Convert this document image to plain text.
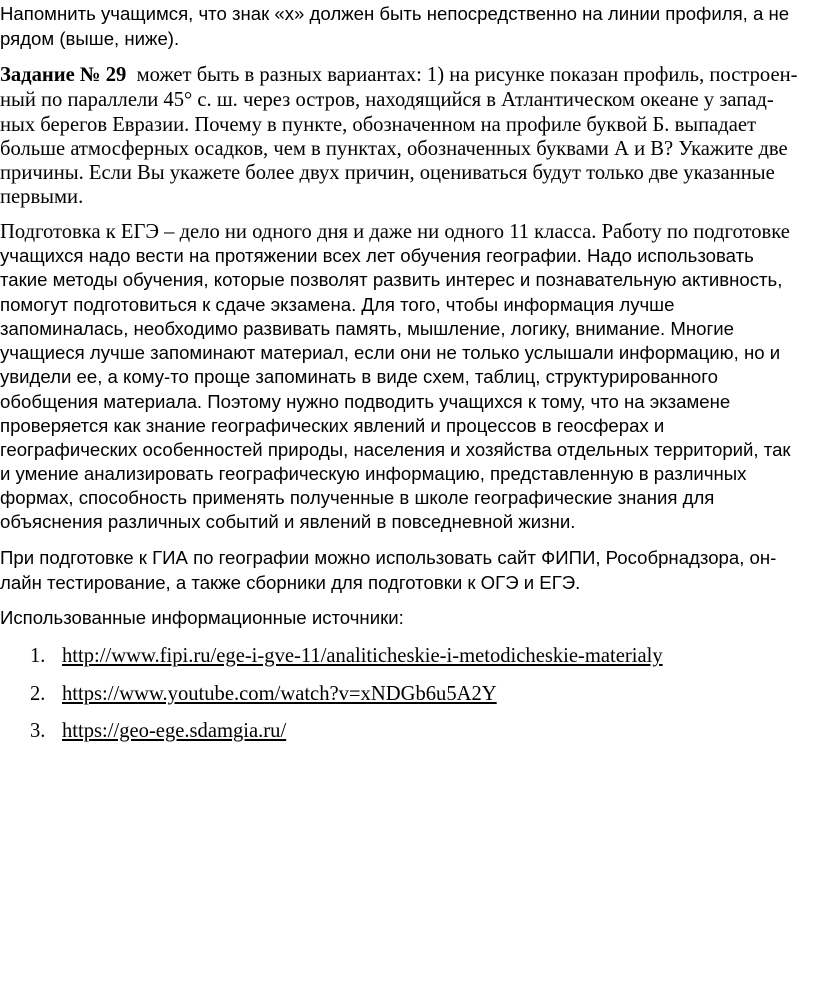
Напомнить учащимся, что знак «х» должен быть непосредственно на линии профиля, а не
рядом (выше, ниже).
Задание № 29 может быть в разных вариантах: 1) на рисунке показан профиль, построен-
ный по параллели 45° с. ш. через остров, находящийся в Атлантическом океане у запад-
ных берегов Евразии. Почему в пункте, обозначенном на профиле буквой Б. выпадает
больше атмосферных осадков, чем в пунктах, обозначенных буквами А и В? Укажите две
причины. Если Вы укажете более двух причин, оцениваться будут только две указанные
первыми.
Подготовка к ЕГЭ – дело ни одного дня и даже ни одного 11 класса. Работу по подготовке
учащихся надо вести на протяжении всех лет обучения географии. Надо использовать
такие методы обучения, которые позволят развить интерес и познавательную активность,
помогут подготовиться к сдаче экзамена. Для того, чтобы информация лучше
запоминалась, необходимо развивать память, мышление, логику, внимание. Многие
учащиеся лучше запоминают материал, если они не только услышали информацию, но и
увидели ее, а кому-то проще запоминать в виде схем, таблиц, структурированного
обобщения материала. Поэтому нужно подводить учащихся к тому, что на экзамене
проверяется как знание географических явлений и процессов в геосферах и
географических особенностей природы, населения и хозяйства отдельных территорий, так
и умение анализировать географическую информацию, представленную в различных
формах, способность применять полученные в школе географические знания для
объяснения различных событий и явлений в повседневной жизни.
При подготовке к ГИА по географии можно использовать сайт ФИПИ, Рособрнадзора, он-
лайн тестирование, а также сборники для подготовки к ОГЭ и ЕГЭ.
Использованные информационные источники:
1. http://www.fipi.ru/ege-i-gve-11/analiticheskie-i-metodicheskie-materialy
2. https://www.youtube.com/watch?v=xNDGb6u5A2Y
3. https://geo-ege.sdamgia.ru/
